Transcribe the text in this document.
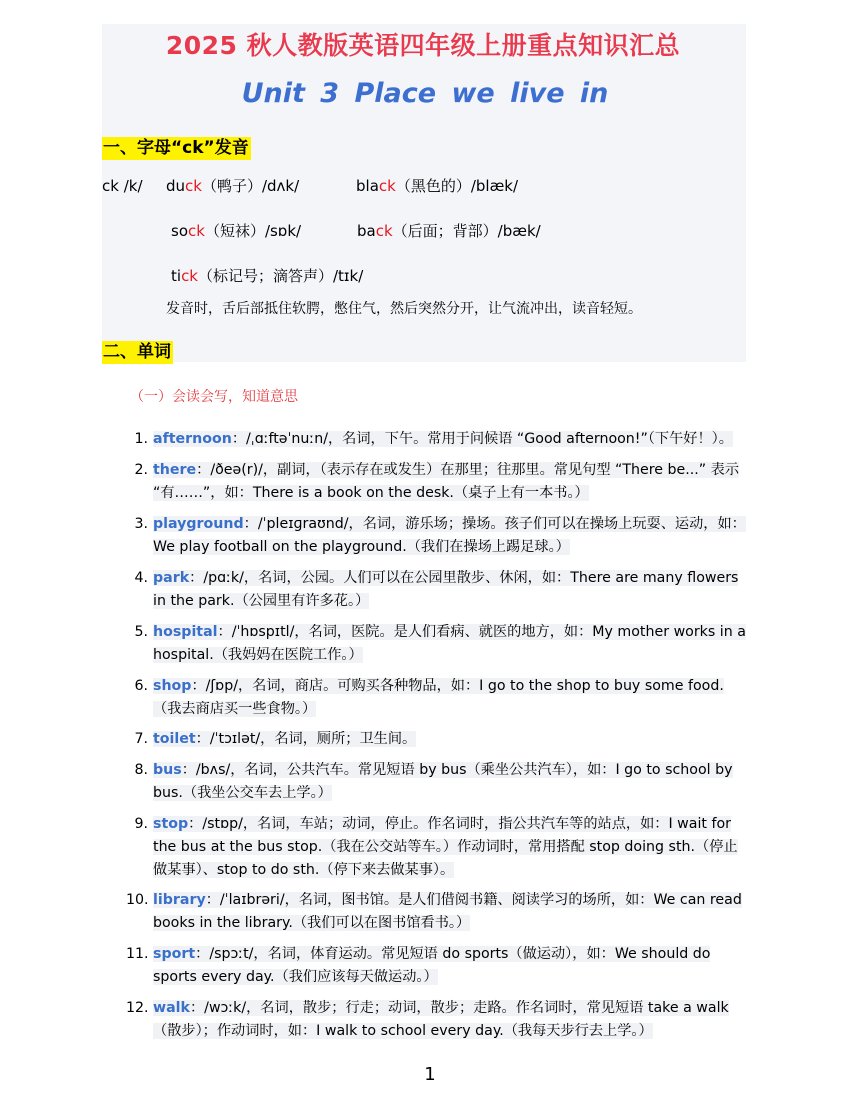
2025 秋人教版英语四年级上册重点知识汇总
Unit 3 Place we live in
一、字母“ck”发音
ck /k/ duck（鸭子）/dʌk/	black（黑色的）/blæk/
sock（短袜）/sɒk/	back（后面；背部）/bæk/
tick（标记号；滴答声）/tɪk/
发音时，舌后部抵住软腭，憋住气，然后突然分开，让气流冲出，读音轻短。
二、单词
（一）会读会写，知道意思
1. afternoon：/ˌɑːftəˈnuːn/，名词，下午。常用于问候语 “Good afternoon!”（下午好！）。
2. there：/ðeə(r)/，副词，（表示存在或发生）在那里；往那里。常见句型 “There be...” 表示 “有……”，如：There is a book on the desk.（桌子上有一本书。）
3. playground：/ˈpleɪɡraʊnd/，名词，游乐场；操场。孩子们可以在操场上玩耍、运动，如：We play football on the playground.（我们在操场上踢足球。）
4. park：/pɑːk/，名词，公园。人们可以在公园里散步、休闲，如：There are many flowers in the park.（公园里有许多花。）
5. hospital：/ˈhɒspɪtl/，名词，医院。是人们看病、就医的地方，如：My mother works in a hospital.（我妈妈在医院工作。）
6. shop：/ʃɒp/，名词，商店。可购买各种物品，如：I go to the shop to buy some food.（我去商店买一些食物。）
7. toilet：/ˈtɔɪlət/，名词，厕所；卫生间。
8. bus：/bʌs/，名词，公共汽车。常见短语 by bus（乘坐公共汽车），如：I go to school by bus.（我坐公交车去上学。）
9. stop：/stɒp/，名词，车站；动词，停止。作名词时，指公共汽车等的站点，如：I wait for the bus at the bus stop.（我在公交站等车。）作动词时，常用搭配 stop doing sth.（停止做某事）、stop to do sth.（停下来去做某事）。
10. library：/ˈlaɪbrəri/，名词，图书馆。是人们借阅书籍、阅读学习的场所，如：We can read books in the library.（我们可以在图书馆看书。）
11. sport：/spɔːt/，名词，体育运动。常见短语 do sports（做运动），如：We should do sports every day.（我们应该每天做运动。）
12. walk：/wɔːk/，名词，散步；行走；动词，散步；走路。作名词时，常见短语 take a walk（散步）；作动词时，如：I walk to school every day.（我每天步行去上学。）
1
